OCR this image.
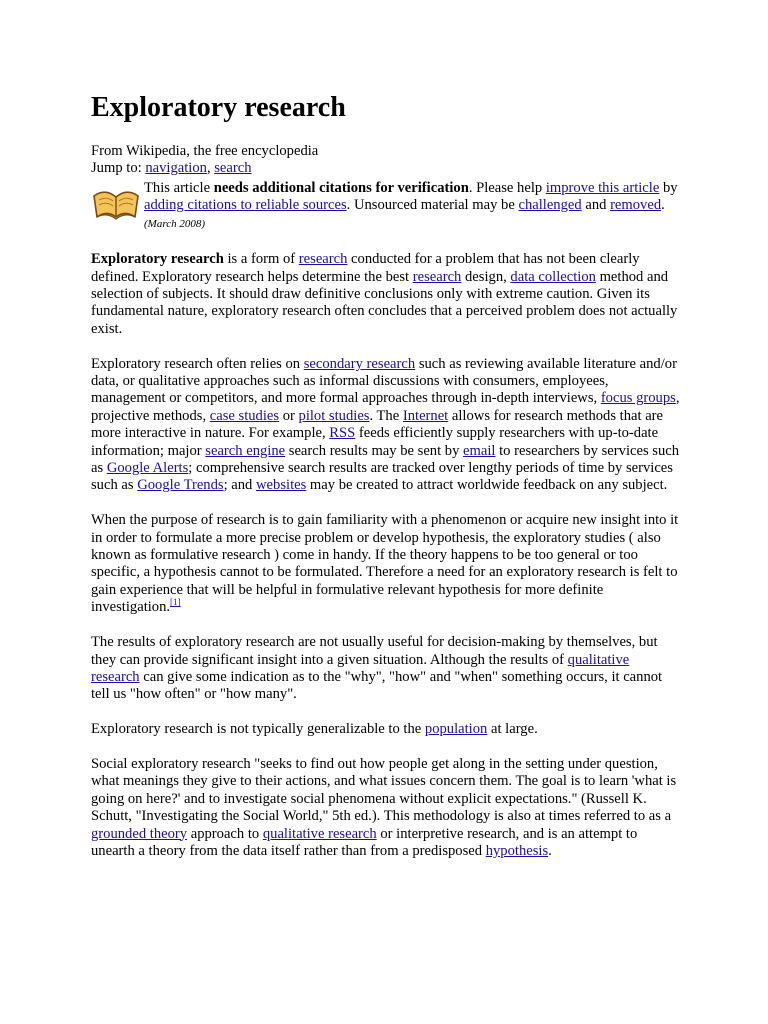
Exploratory research

From Wikipedia, the free encyclopedia

Jump to: navigation, search

This article needs additional citations for verification. Please help improve this article by adding citations to reliable sources. Unsourced material may be challenged and removed. (March 2008)

Exploratory research is a form of research conducted for a problem that has not been clearly defined. Exploratory research helps determine the best research design, data collection method and selection of subjects. It should draw definitive conclusions only with extreme caution. Given its fundamental nature, exploratory research often concludes that a perceived problem does not actually exist.

Exploratory research often relies on secondary research such as reviewing available literature and/or data, or qualitative approaches such as informal discussions with consumers, employees, management or competitors, and more formal approaches through in-depth interviews, focus groups, projective methods, case studies or pilot studies. The Internet allows for research methods that are more interactive in nature. For example, RSS feeds efficiently supply researchers with up-to-date information; major search engine search results may be sent by email to researchers by services such as Google Alerts; comprehensive search results are tracked over lengthy periods of time by services such as Google Trends; and websites may be created to attract worldwide feedback on any subject.

When the purpose of research is to gain familiarity with a phenomenon or acquire new insight into it in order to formulate a more precise problem or develop hypothesis, the exploratory studies ( also known as formulative research ) come in handy. If the theory happens to be too general or too specific, a hypothesis cannot to be formulated. Therefore a need for an exploratory research is felt to gain experience that will be helpful in formulative relevant hypothesis for more definite investigation.[1]

The results of exploratory research are not usually useful for decision-making by themselves, but they can provide significant insight into a given situation. Although the results of qualitative research can give some indication as to the "why", "how" and "when" something occurs, it cannot tell us "how often" or "how many".

Exploratory research is not typically generalizable to the population at large.

Social exploratory research "seeks to find out how people get along in the setting under question, what meanings they give to their actions, and what issues concern them. The goal is to learn 'what is going on here?' and to investigate social phenomena without explicit expectations." (Russell K. Schutt, "Investigating the Social World," 5th ed.). This methodology is also at times referred to as a grounded theory approach to qualitative research or interpretive research, and is an attempt to unearth a theory from the data itself rather than from a predisposed hypothesis.
